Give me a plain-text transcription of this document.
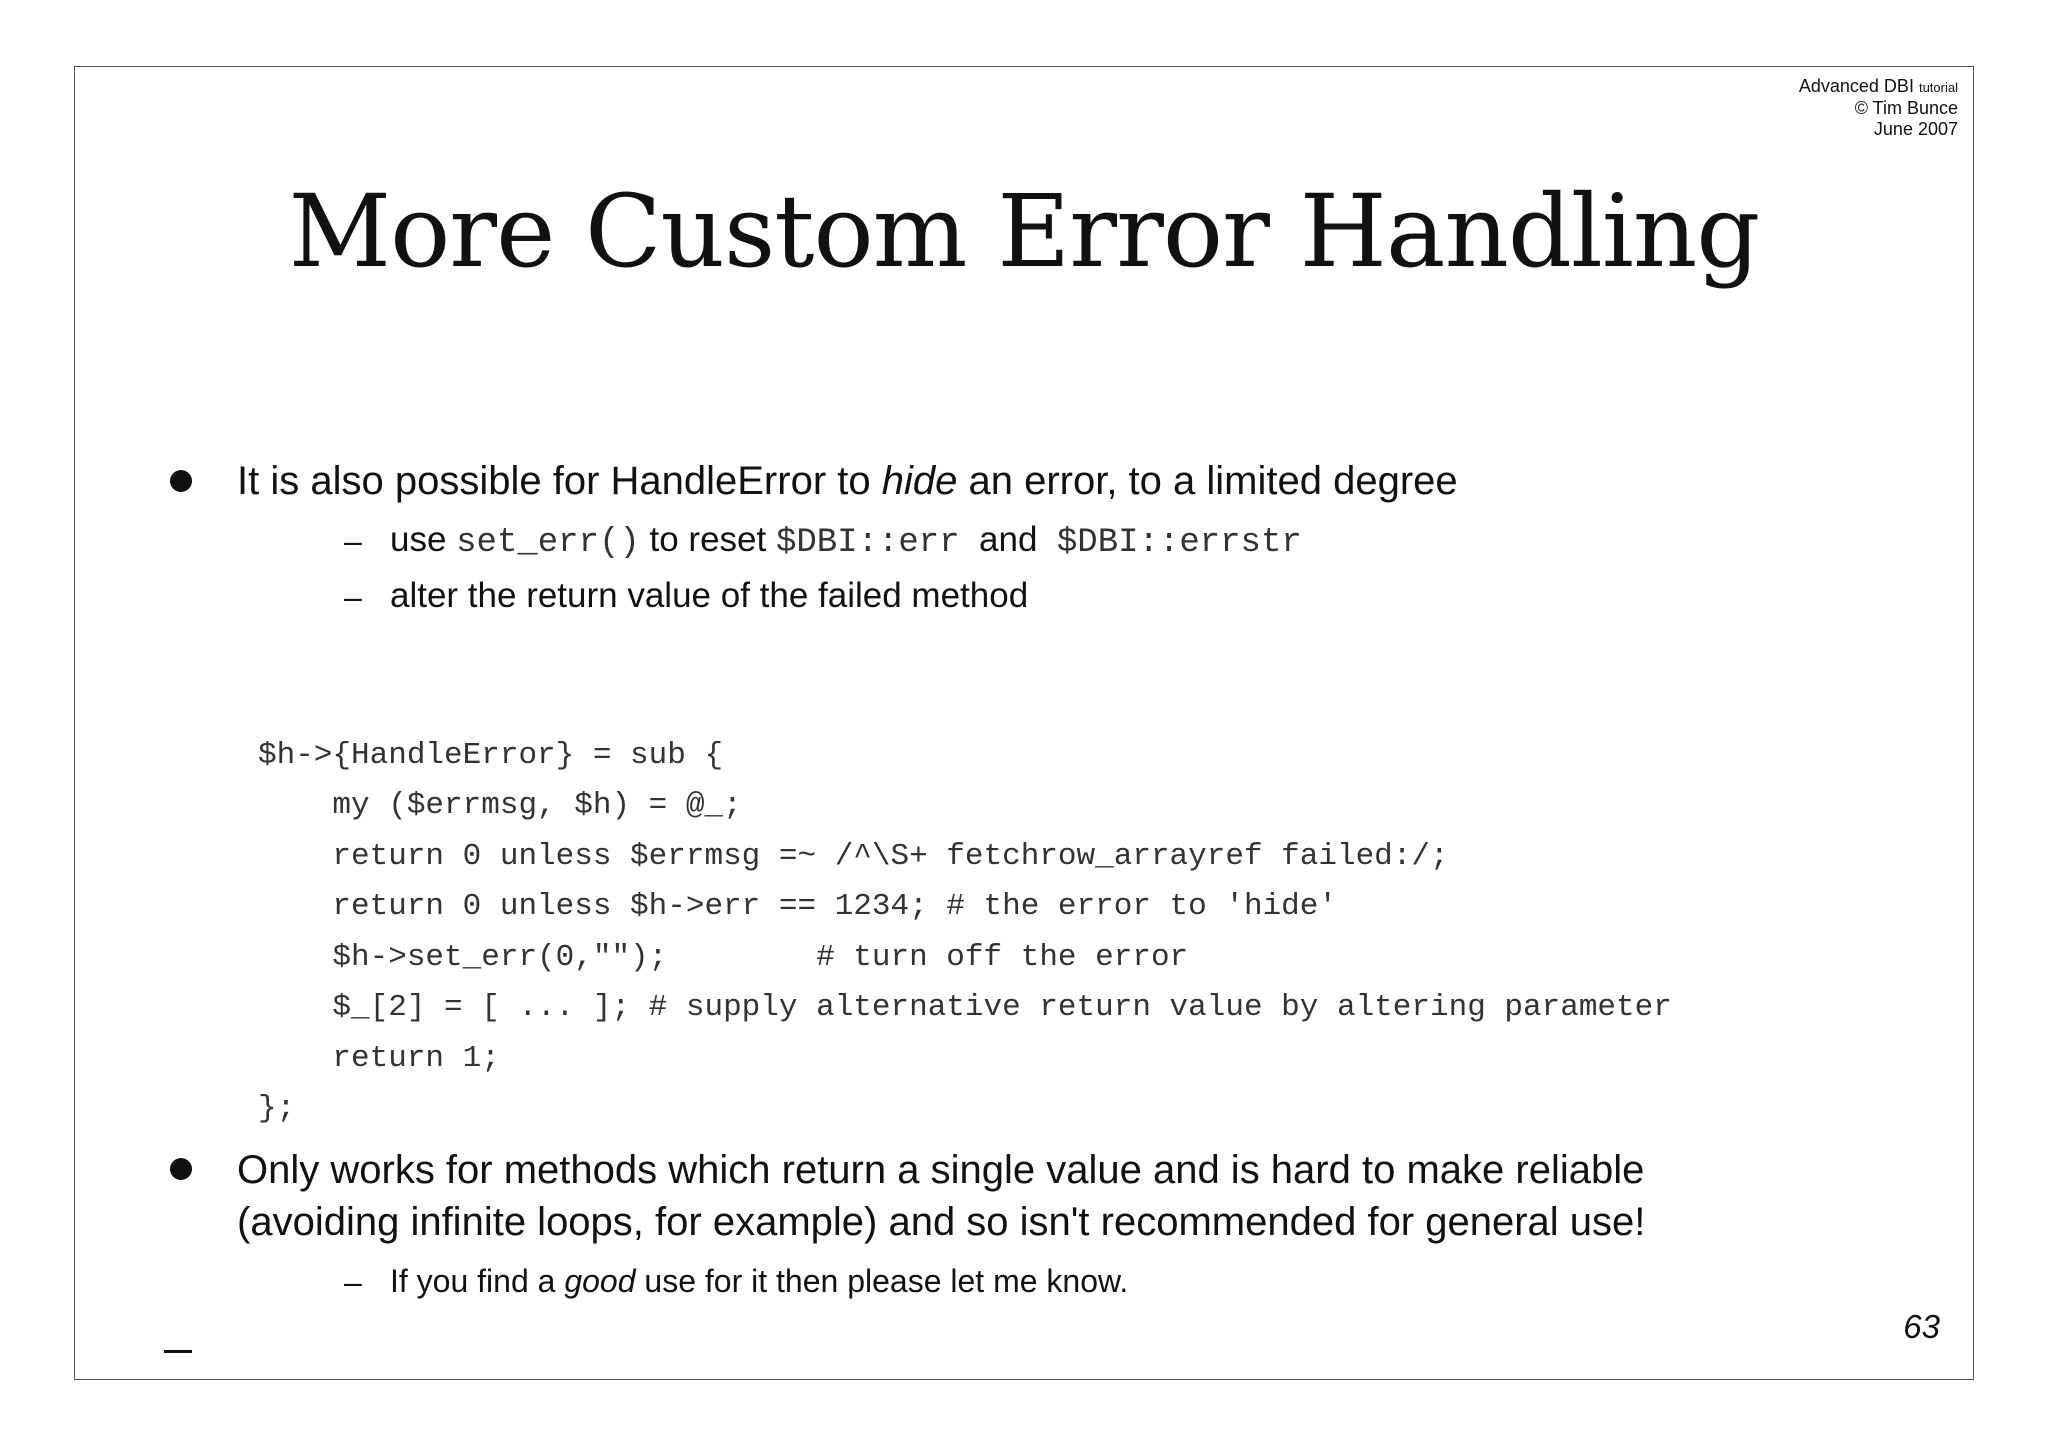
Advanced DBI tutorial
© Tim Bunce
June 2007
More Custom Error Handling
It is also possible for HandleError to hide an error, to a limited degree
– use set_err() to reset $DBI::err  and  $DBI::errstr
– alter the return value of the failed method

$h->{HandleError} = sub {
my ($errmsg, $h) = @_;
return 0 unless $errmsg =~ /^\S+ fetchrow_arrayref failed:/;
return 0 unless $h->err == 1234; # the error to 'hide'
$h->set_err(0,"");        # turn off the error
$_[2] = [ ... ]; # supply alternative return value by altering parameter
return 1;
};

Only works for methods which return a single value and is hard to make reliable
(avoiding infinite loops, for example) and so isn't recommended for general use!
– If you find a good use for it then please let me know.
63
